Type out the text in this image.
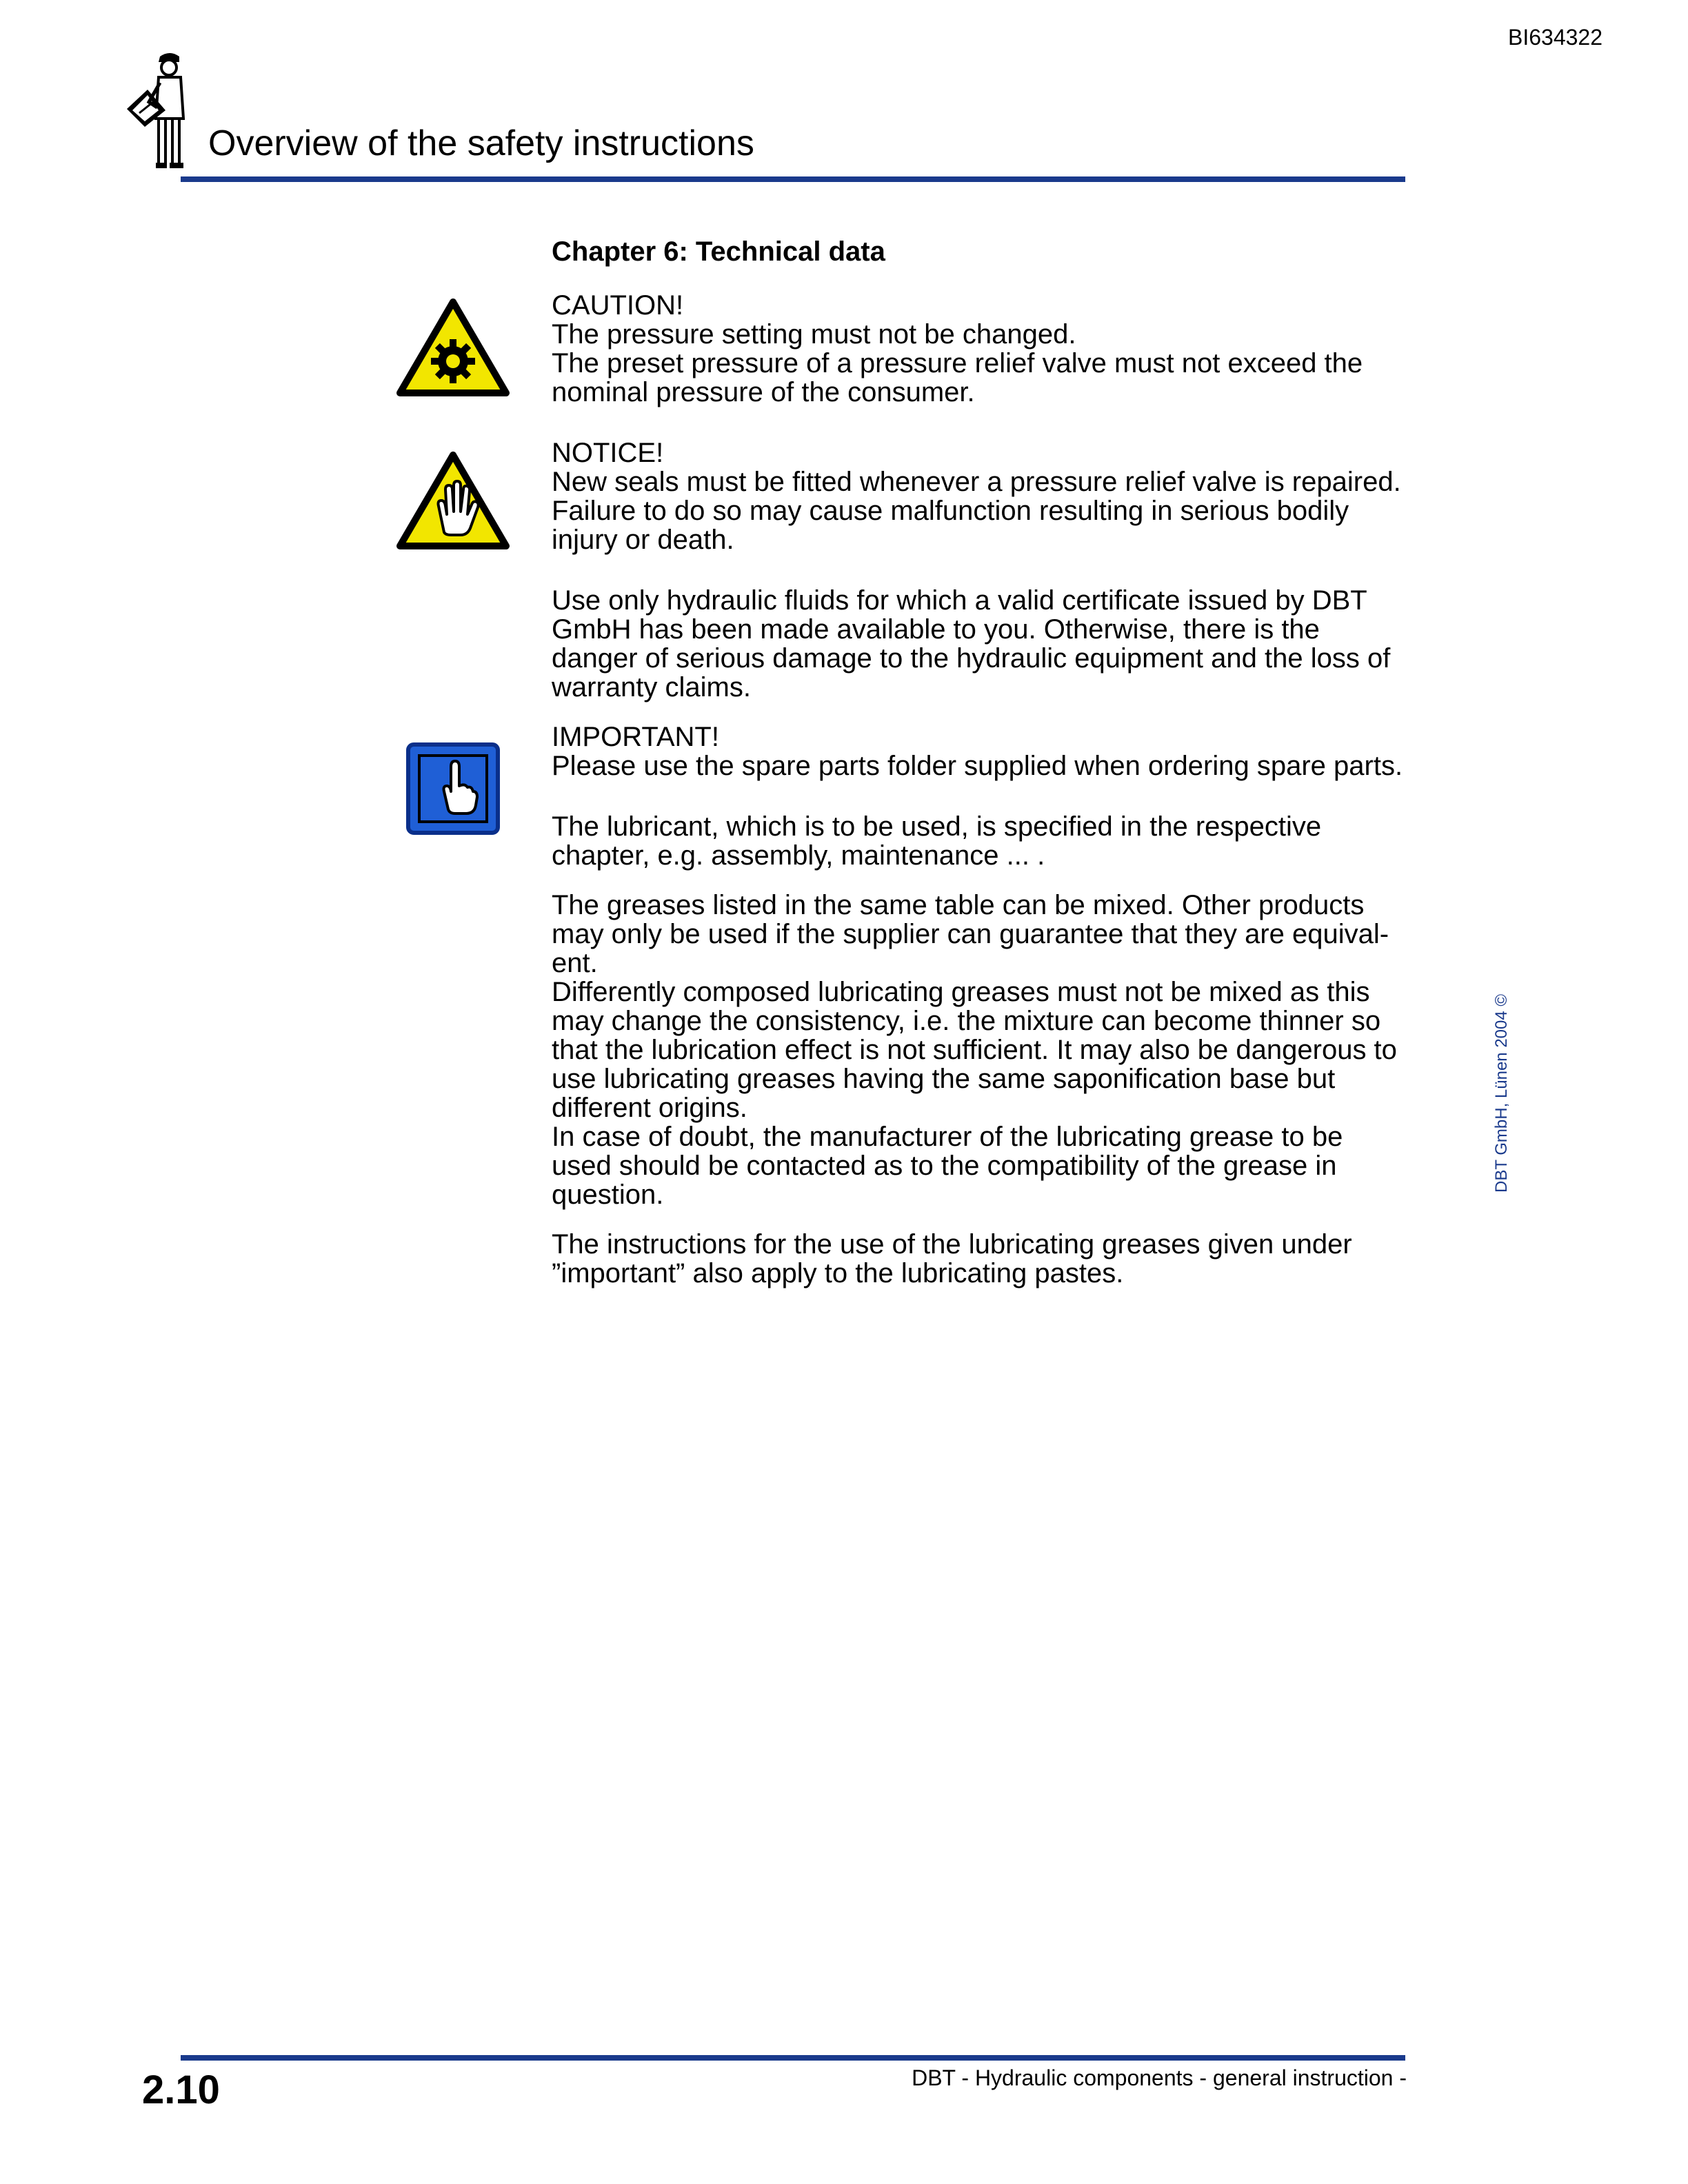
BI634322
Overview of the safety instructions

Chapter 6: Technical data

CAUTION!

The pressure setting must not be changed.

The preset pressure of a pressure relief valve must not exceed the nominal pressure of the consumer.

NOTICE!

New seals must be fitted whenever a pressure relief valve is repaired. Failure to do so may cause malfunction resulting in serious bodily injury or death.

Use only hydraulic fluids for which a valid certificate issued by DBT GmbH has been made available to you. Otherwise, there is the danger of serious damage to the hydraulic equipment and the loss of warranty claims.

IMPORTANT!

Please use the spare parts folder supplied when ordering spare parts.

The lubricant, which is to be used, is specified in the respective chapter, e.g. assembly, maintenance ... .

The greases listed in the same table can be mixed. Other products may only be used if the supplier can guarantee that they are equival-ent.

Differently composed lubricating greases must not be mixed as this may change the consistency, i.e. the mixture can become thinner so that the lubrication effect is not sufficient. It may also be dangerous to use lubricating greases having the same saponification base but different origins.

In case of doubt, the manufacturer of the lubricating grease to be used should be contacted as to the compatibility of the grease in question.

The instructions for the use of the lubricating greases given under ”important” also apply to the lubricating pastes.

DBT GmbH, Lünen 2004 ©
2.10	DBT - Hydraulic components - general instruction -
